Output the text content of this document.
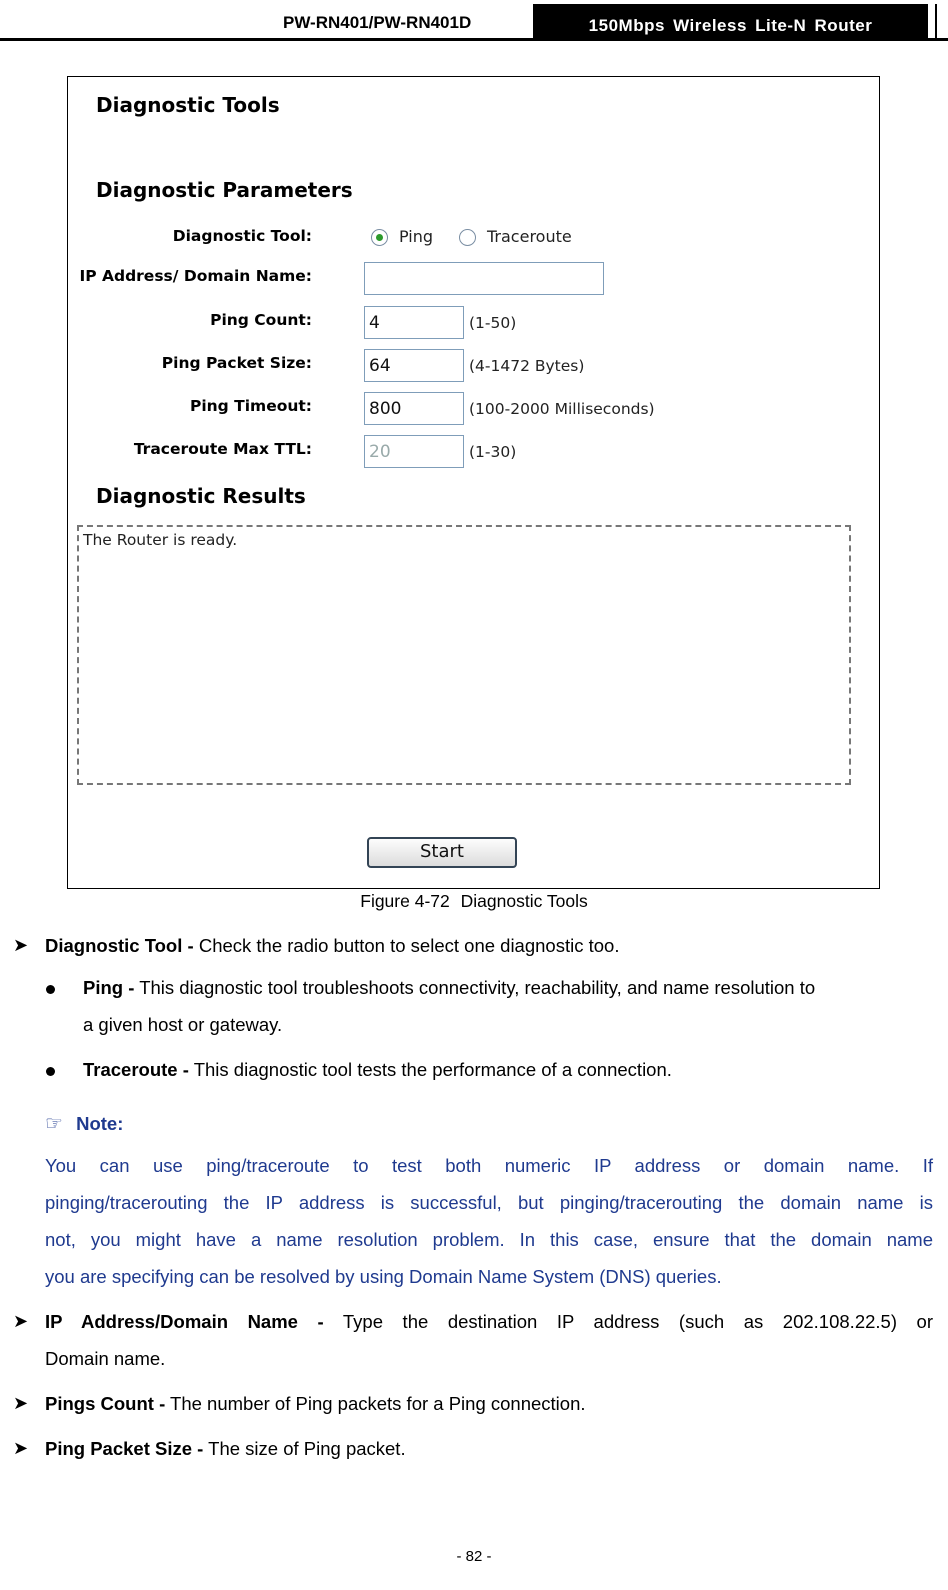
PW-RN401/PW-RN401D	150Mbps Wireless Lite-N Router
Diagnostic Tools
Diagnostic Parameters
Diagnostic Tool:	Ping	Traceroute
IP Address/ Domain Name:
Ping Count:	4	(1-50)
Ping Packet Size:	64	(4-1472 Bytes)
Ping Timeout:	800	(100-2000 Milliseconds)
Traceroute Max TTL:	20	(1-30)
Diagnostic Results
The Router is ready.
Start
Figure 4-72 Diagnostic Tools
➤ Diagnostic Tool - Check the radio button to select one diagnostic too.
Ping - This diagnostic tool troubleshoots connectivity, reachability, and name resolution to
a given host or gateway.
Traceroute - This diagnostic tool tests the performance of a connection.
☞ Note:
You can use ping/traceroute to test both numeric IP address or domain name. If
pinging/tracerouting the IP address is successful, but pinging/tracerouting the domain name is
not, you might have a name resolution problem. In this case, ensure that the domain name
you are specifying can be resolved by using Domain Name System (DNS) queries.
➤ IP Address/Domain Name - Type the destination IP address (such as 202.108.22.5) or
Domain name.
➤ Pings Count - The number of Ping packets for a Ping connection.
➤ Ping Packet Size - The size of Ping packet.
- 82 -
